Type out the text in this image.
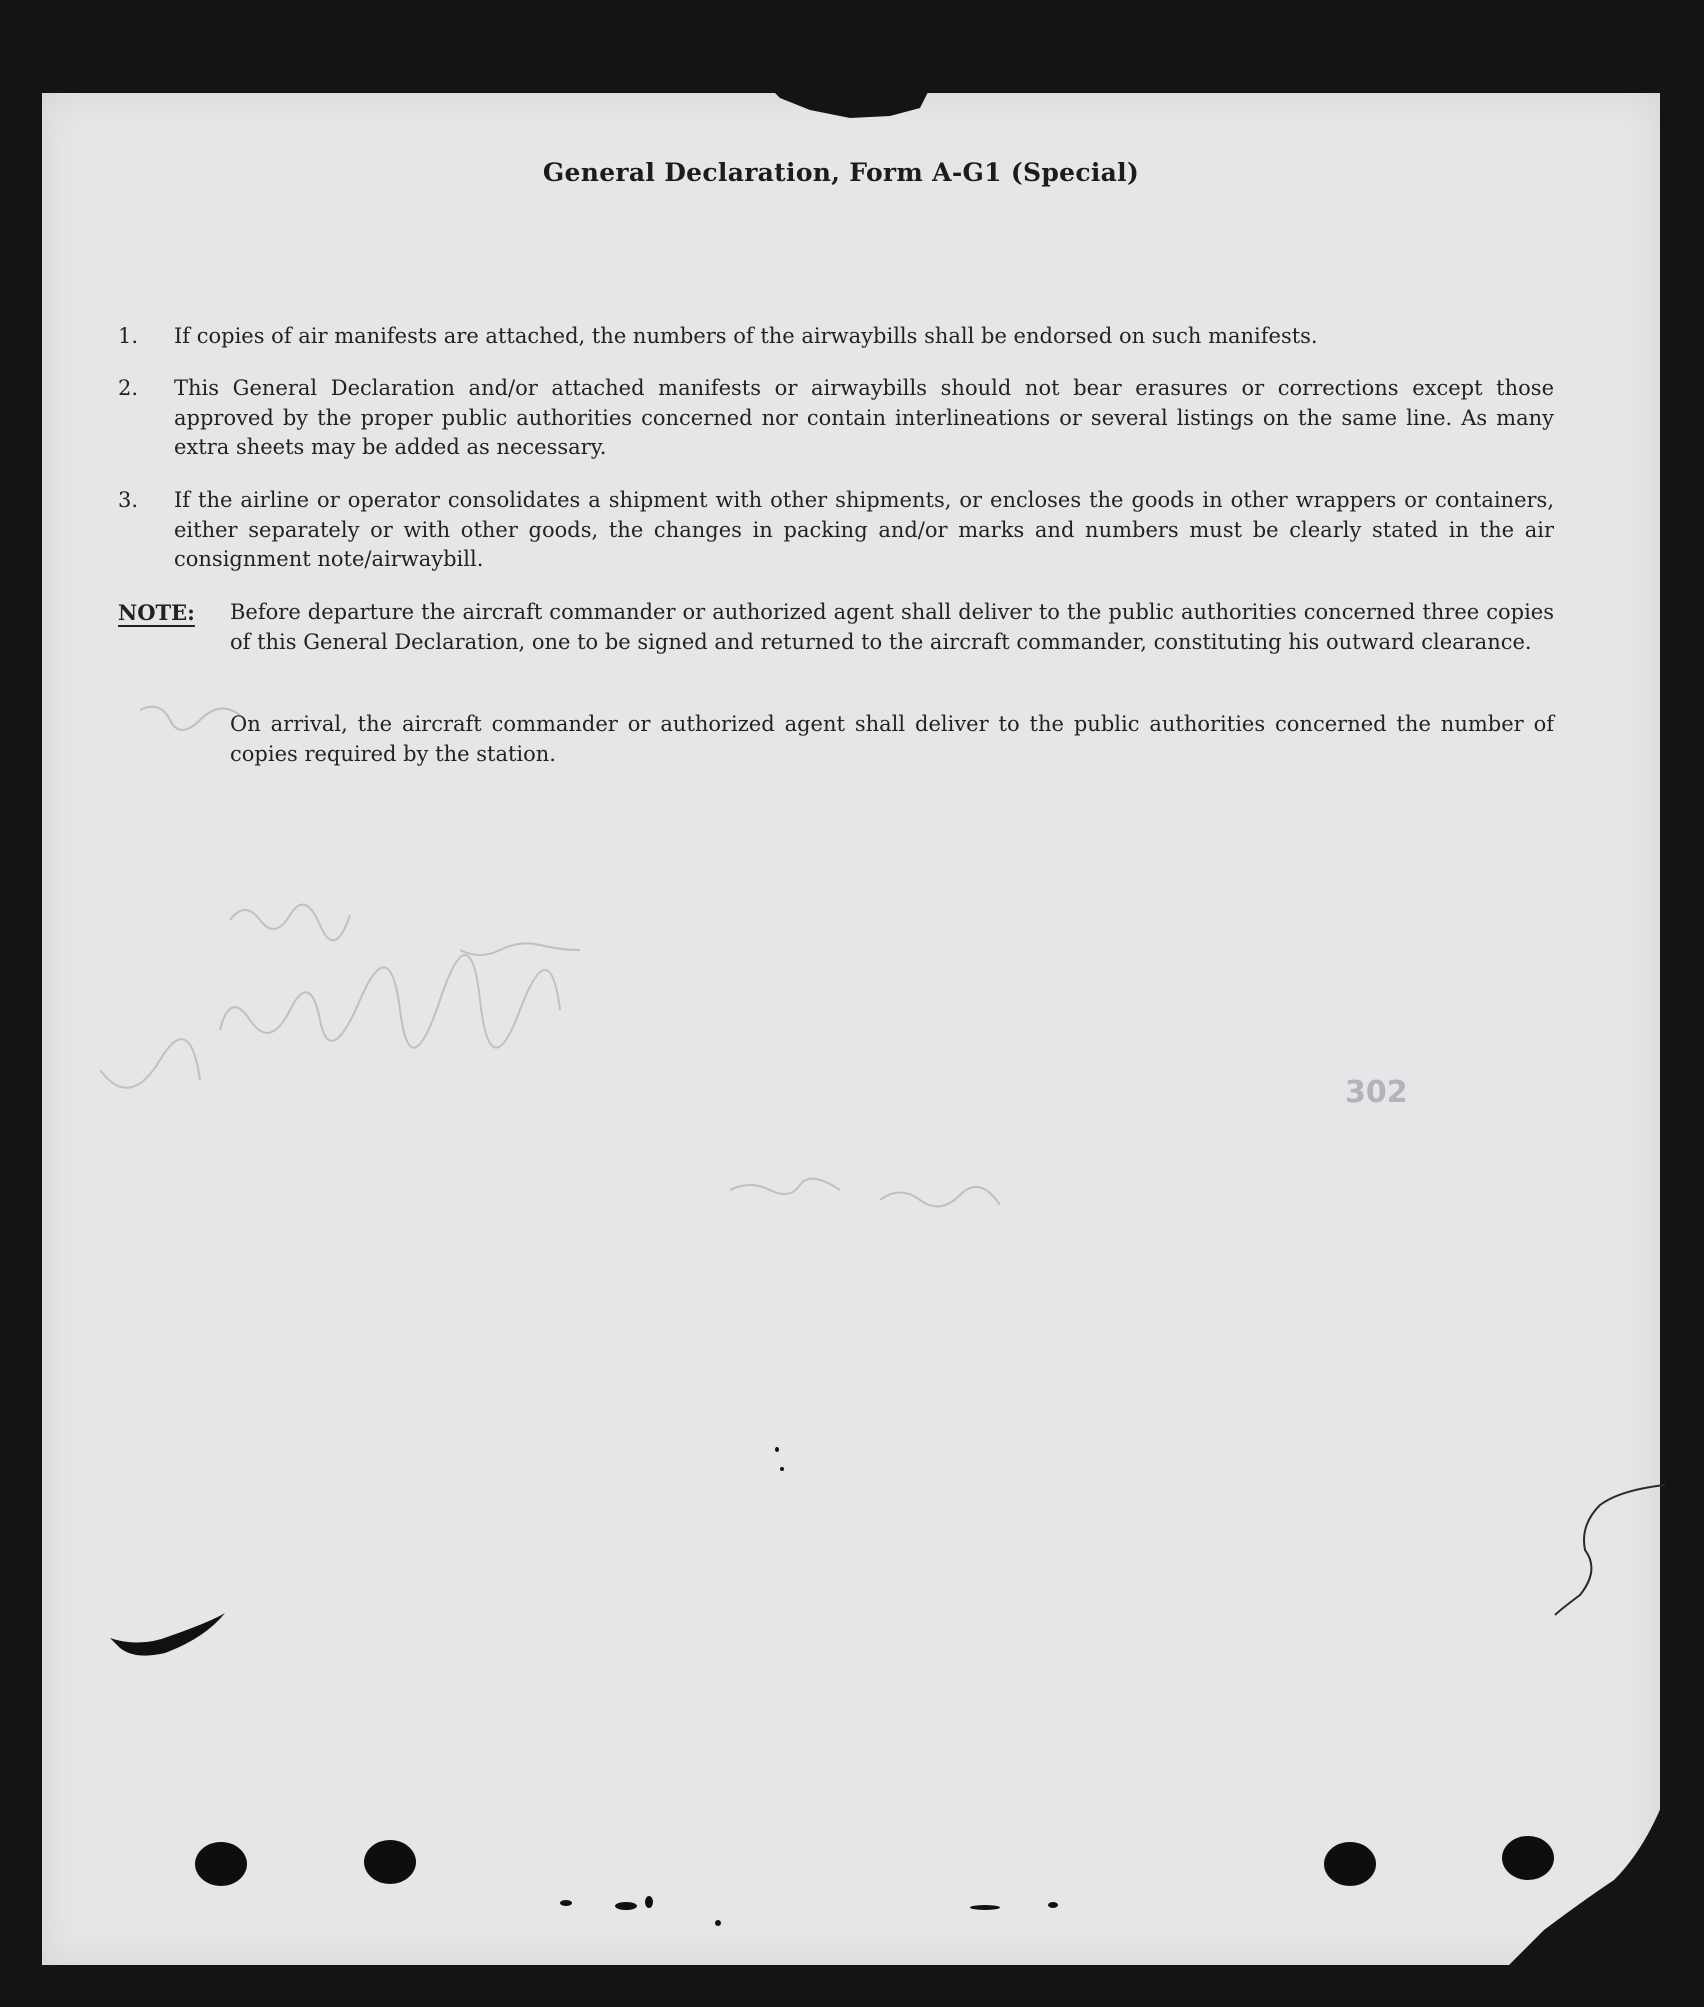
General Declaration, Form A-G1 (Special)
1.	If copies of air manifests are attached, the numbers of the airwaybills shall be endorsed on such manifests.
2.	This General Declaration and/or attached manifests or airwaybills should not bear erasures or corrections except those approved by the proper public authorities concerned nor contain interlineations or several listings on the same line. As many extra sheets may be added as necessary.
3.	If the airline or operator consolidates a shipment with other shipments, or encloses the goods in other wrappers or containers, either separately or with other goods, the changes in packing and/or marks and numbers must be clearly stated in the air consignment note/airwaybill.
NOTE: Before departure the aircraft commander or authorized agent shall deliver to the public authorities concerned three copies of this General Declaration, one to be signed and returned to the aircraft commander, constituting his outward clearance.
On arrival, the aircraft commander or authorized agent shall deliver to the public authorities concerned the number of copies required by the station.
302
